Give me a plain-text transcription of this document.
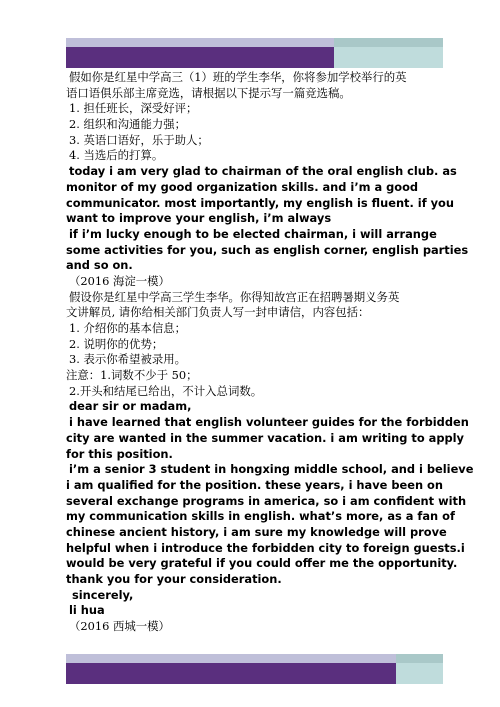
假如你是红星中学高三（1）班的学生李华，你将参加学校举行的英
语口语俱乐部主席竞选，请根据以下提示写一篇竞选稿。
1. 担任班长，深受好评；
2. 组织和沟通能力强；
3. 英语口语好，乐于助人；
4. 当选后的打算。
today i am very glad to chairman of the oral english club. as
monitor of my good organization skills. and i’m a good
communicator. most importantly, my english is fluent. if you
want to improve your english, i’m always
if i’m lucky enough to be elected chairman, i will arrange
some activities for you, such as english corner, english parties
and so on.
（2016 海淀一模）
假设你是红星中学高三学生李华。你得知故宫正在招聘暑期义务英
文讲解员, 请你给相关部门负责人写一封申请信，内容包括：
1. 介绍你的基本信息；
2. 说明你的优势；
3. 表示你希望被录用。
注意：1.词数不少于 50；
2.开头和结尾已给出，不计入总词数。
dear sir or madam,
i have learned that english volunteer guides for the forbidden
city are wanted in the summer vacation. i am writing to apply
for this position.
i’m a senior 3 student in hongxing middle school, and i believe
i am qualified for the position. these years, i have been on
several exchange programs in america, so i am confident with
my communication skills in english. what’s more, as a fan of
chinese ancient history, i am sure my knowledge will prove
helpful when i introduce the forbidden city to foreign guests.i
would be very grateful if you could offer me the opportunity.
thank you for your consideration.
sincerely,
li hua
（2016 西城一模）
